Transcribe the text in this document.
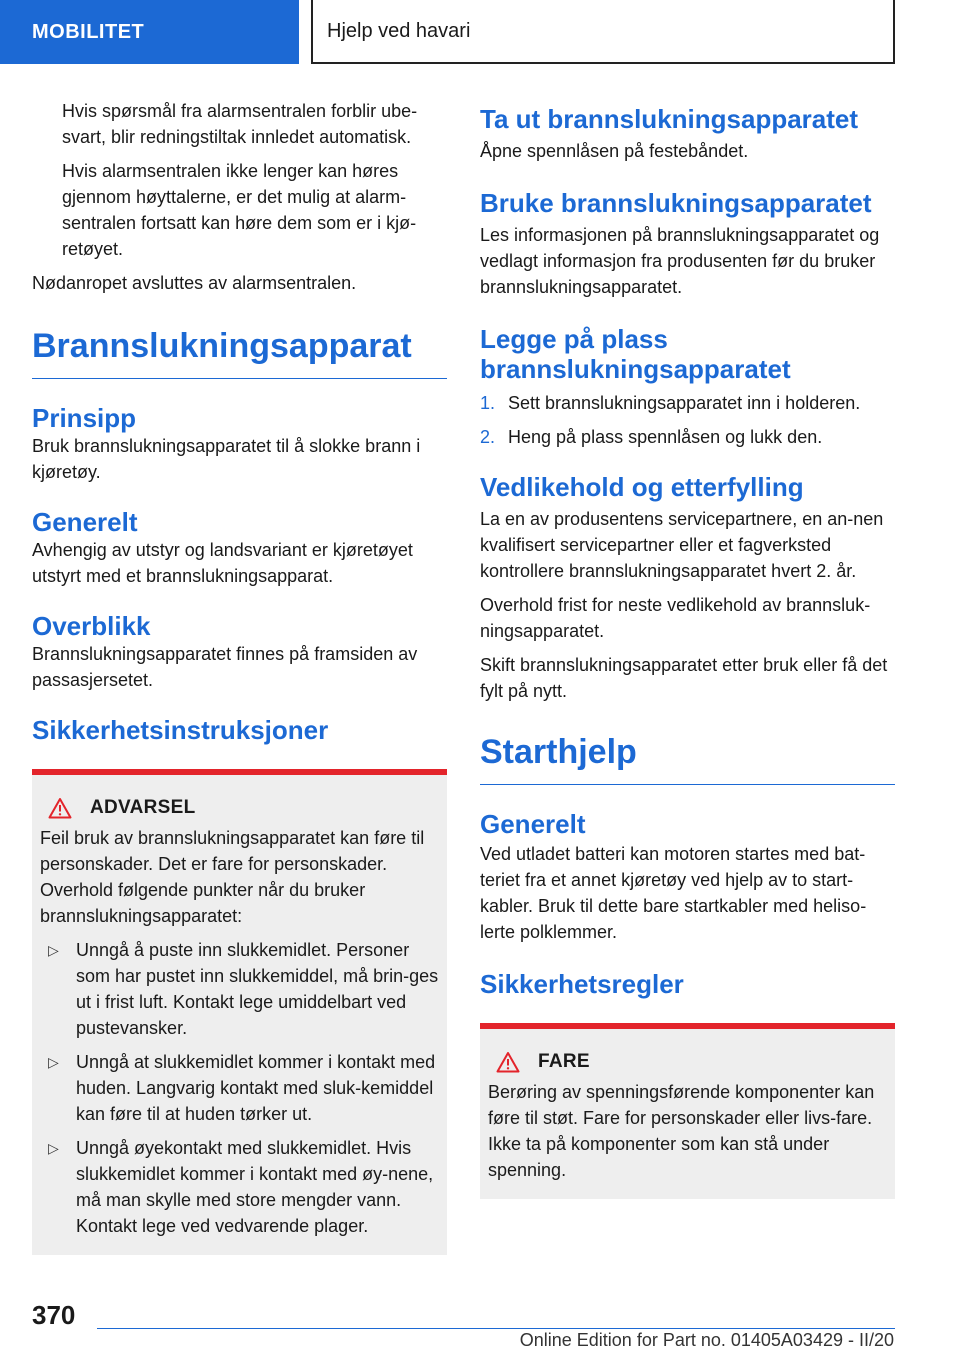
MOBILITET	Hjelp ved havari

Hvis spørsmål fra alarmsentralen forblir ube-svart, blir redningstiltak innledet automatisk.

Hvis alarmsentralen ikke lenger kan høres gjennom høyttalerne, er det mulig at alarm-sentralen fortsatt kan høre dem som er i kjø-retøyet.

Nødanropet avsluttes av alarmsentralen.

Brannslukningsapparat
Prinsipp

Bruk brannslukningsapparatet til å slokke brann i kjøretøy.

Generelt

Avhengig av utstyr og landsvariant er kjøretøyet utstyrt med et brannslukningsapparat.

Overblikk

Brannslukningsapparatet finnes på framsiden av passasjersetet.

Sikkerhetsinstruksjoner
ADVARSEL

Feil bruk av brannslukningsapparatet kan føre til personskader. Det er fare for personskader. Overhold følgende punkter når du bruker brannslukningsapparatet:

▷ Unngå å puste inn slukkemidlet. Personer som har pustet inn slukkemiddel, må brin-ges ut i frist luft. Kontakt lege umiddelbart ved pustevansker.

▷ Unngå at slukkemidlet kommer i kontakt med huden. Langvarig kontakt med sluk-kemiddel kan føre til at huden tørker ut.

▷ Unngå øyekontakt med slukkemidlet. Hvis slukkemidlet kommer i kontakt med øy-nene, må man skylle med store mengder vann. Kontakt lege ved vedvarende plager.

Ta ut brannslukningsapparatet

Åpne spennlåsen på festebåndet.

Bruke brannslukningsapparatet

Les informasjonen på brannslukningsapparatet og vedlagt informasjon fra produsenten før du bruker brannslukningsapparatet.

Legge på plass brannslukningsapparatet
1. Sett brannslukningsapparatet inn i holderen.

2. Heng på plass spennlåsen og lukk den.

Vedlikehold og etterfylling

La en av produsentens servicepartnere, en an-nen kvalifisert servicepartner eller et fagverksted kontrollere brannslukningsapparatet hvert 2. år.

Overhold frist for neste vedlikehold av brannsluk-ningsapparatet.

Skift brannslukningsapparatet etter bruk eller få det fylt på nytt.

Starthjelp
Generelt

Ved utladet batteri kan motoren startes med bat-teriet fra et annet kjøretøy ved hjelp av to start-kabler. Bruk til dette bare startkabler med heliso-lerte polklemmer.

Sikkerhetsregler
FARE

Berøring av spenningsførende komponenter kan føre til støt. Fare for personskader eller livs-fare. Ikke ta på komponenter som kan stå under spenning.

370
Online Edition for Part no. 01405A03429 - II/20
